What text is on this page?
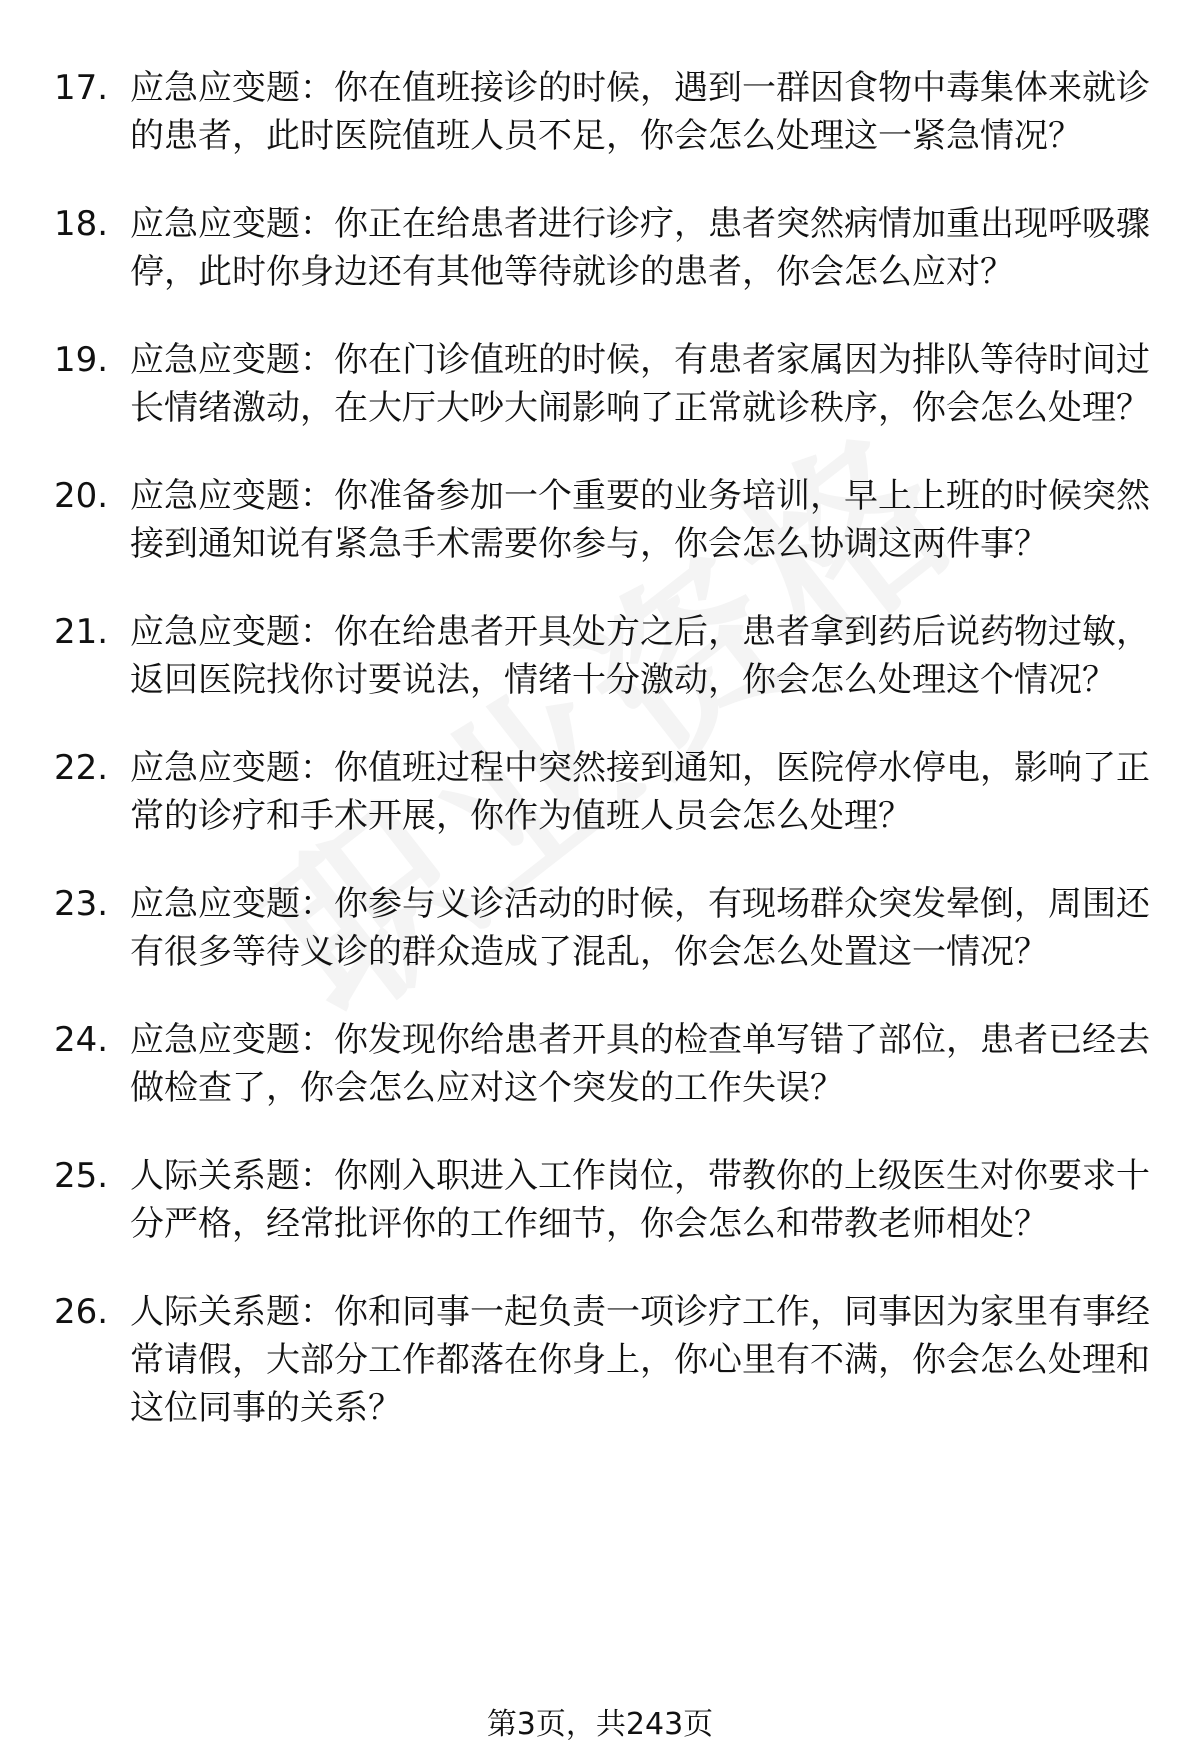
17. 应急应变题：你在值班接诊的时候，遇到一群因食物中毒集体来就诊的患者，此时医院值班人员不足，你会怎么处理这一紧急情况？
18. 应急应变题：你正在给患者进行诊疗，患者突然病情加重出现呼吸骤停，此时你身边还有其他等待就诊的患者，你会怎么应对？
19. 应急应变题：你在门诊值班的时候，有患者家属因为排队等待时间过长情绪激动，在大厅大吵大闹影响了正常就诊秩序，你会怎么处理？
20. 应急应变题：你准备参加一个重要的业务培训，早上上班的时候突然接到通知说有紧急手术需要你参与，你会怎么协调这两件事？
21. 应急应变题：你在给患者开具处方之后，患者拿到药后说药物过敏，返回医院找你讨要说法，情绪十分激动，你会怎么处理这个情况？
22. 应急应变题：你值班过程中突然接到通知，医院停水停电，影响了正常的诊疗和手术开展，你作为值班人员会怎么处理？
23. 应急应变题：你参与义诊活动的时候，有现场群众突发晕倒，周围还有很多等待义诊的群众造成了混乱，你会怎么处置这一情况？
24. 应急应变题：你发现你给患者开具的检查单写错了部位，患者已经去做检查了，你会怎么应对这个突发的工作失误？
25. 人际关系题：你刚入职进入工作岗位，带教你的上级医生对你要求十分严格，经常批评你的工作细节，你会怎么和带教老师相处？
26. 人际关系题：你和同事一起负责一项诊疗工作，同事因为家里有事经常请假，大部分工作都落在你身上，你心里有不满，你会怎么处理和这位同事的关系？
第3页，共243页
